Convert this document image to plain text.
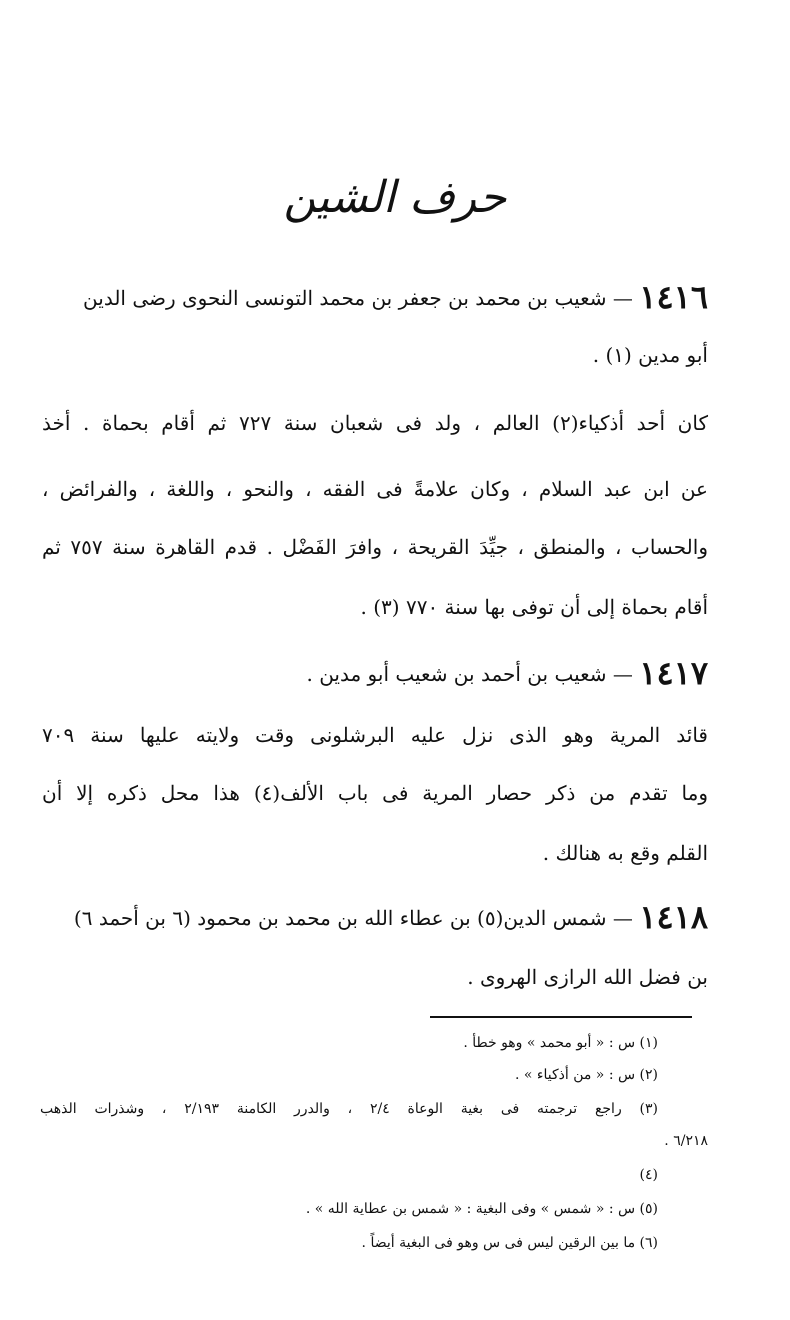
حرف الشين
١٤١٦ — شعيب بن محمد بن جعفر بن محمد التونسى النحوى رضى الدين
أبو مدين (١) .
كان أحد أذكياء(٢) العالم ، ولد فى شعبان سنة ٧٢٧ ثم أقام بحماة . أخذ
عن ابن عبد السلام ، وكان علامةً فى الفقه ، والنحو ، واللغة ، والفرائض ،
والحساب ، والمنطق ، جيِّدَ القريحة ، وافرَ الفَضْل . قدم القاهرة سنة ٧٥٧ ثم
أقام بحماة إلى أن توفى بها سنة ٧٧٠ (٣) .
١٤١٧ — شعيب بن أحمد بن شعيب أبو مدين .
قائد المرية وهو الذى نزل عليه البرشلونى وقت ولايته عليها سنة ٧٠٩
وما تقدم من ذكر حصار المرية فى باب الألف(٤) هذا محل ذكره إلا أن
القلم وقع به هنالك .
١٤١٨ — شمس الدين(٥) بن عطاء الله بن محمد بن محمود (٦ بن أحمد ٦)
بن فضل الله الرازى الهروى .
(١) س : « أبو محمد » وهو خطأ .
(٢) س : « من أذكياء » .
(٣) راجع ترجمته فى بغية الوعاة ٢/٤ ، والدرر الكامنة ٢/١٩٣ ، وشذرات الذهب
٦/٢١٨ .
(٤)
(٥) س : « شمس » وفى البغية : « شمس بن عطاية الله » .
(٦) ما بين الرقين ليس فى س وهو فى البغية أيضاً .
